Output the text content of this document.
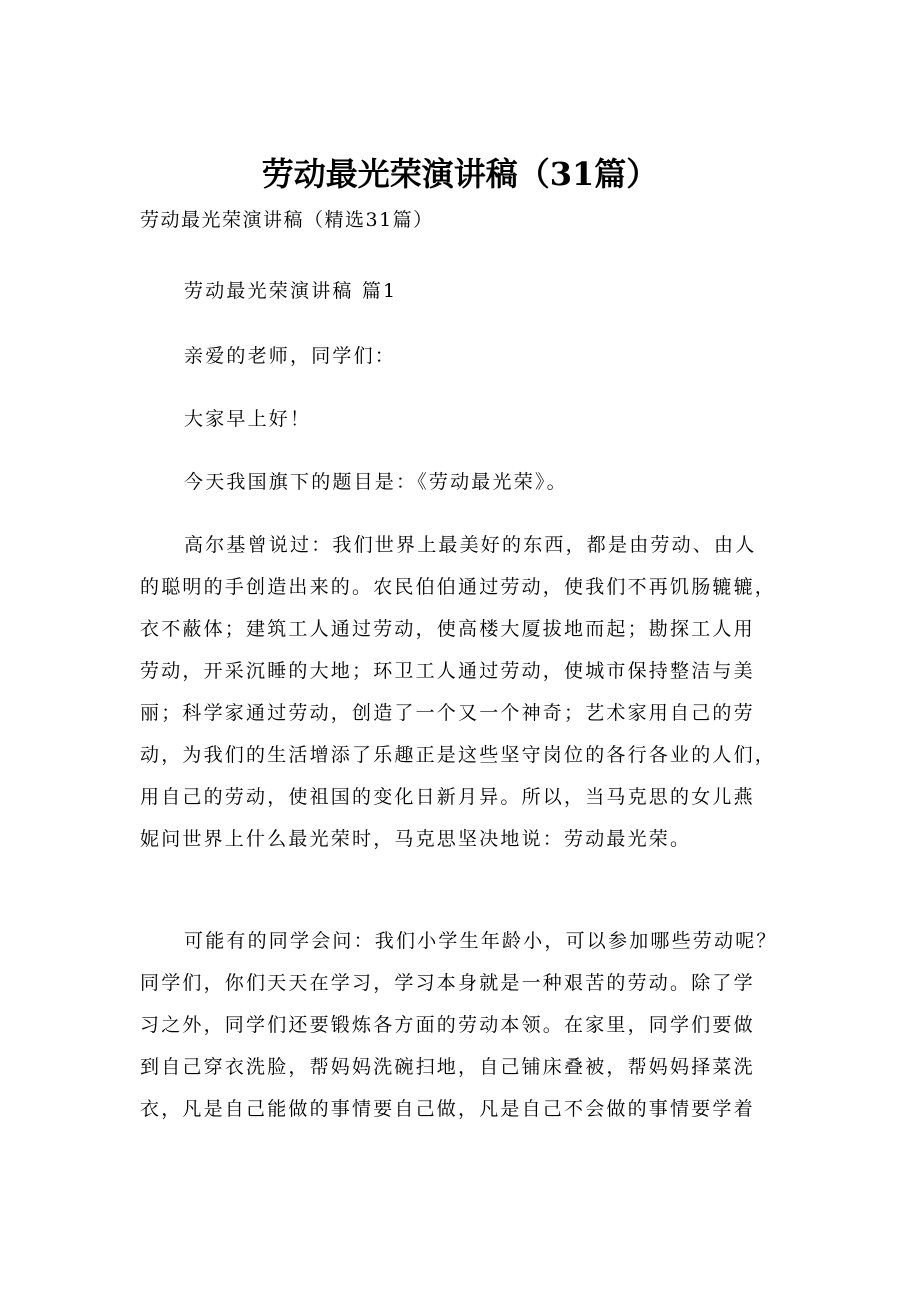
劳动最光荣演讲稿（31篇）
劳动最光荣演讲稿（精选31篇）
劳动最光荣演讲稿 篇1
亲爱的老师，同学们：
大家早上好！
今天我国旗下的题目是：《劳动最光荣》。
高尔基曾说过：我们世界上最美好的东西，都是由劳动、由人
的聪明的手创造出来的。农民伯伯通过劳动，使我们不再饥肠辘辘，
衣不蔽体；建筑工人通过劳动，使高楼大厦拔地而起；勘探工人用
劳动，开采沉睡的大地；环卫工人通过劳动，使城市保持整洁与美
丽；科学家通过劳动，创造了一个又一个神奇；艺术家用自己的劳
动，为我们的生活增添了乐趣正是这些坚守岗位的各行各业的人们，
用自己的劳动，使祖国的变化日新月异。所以，当马克思的女儿燕
妮问世界上什么最光荣时，马克思坚决地说：劳动最光荣。
可能有的同学会问：我们小学生年龄小，可以参加哪些劳动呢？
同学们，你们天天在学习，学习本身就是一种艰苦的劳动。除了学
习之外，同学们还要锻炼各方面的劳动本领。在家里，同学们要做
到自己穿衣洗脸，帮妈妈洗碗扫地，自己铺床叠被，帮妈妈择菜洗
衣，凡是自己能做的事情要自己做，凡是自己不会做的事情要学着
